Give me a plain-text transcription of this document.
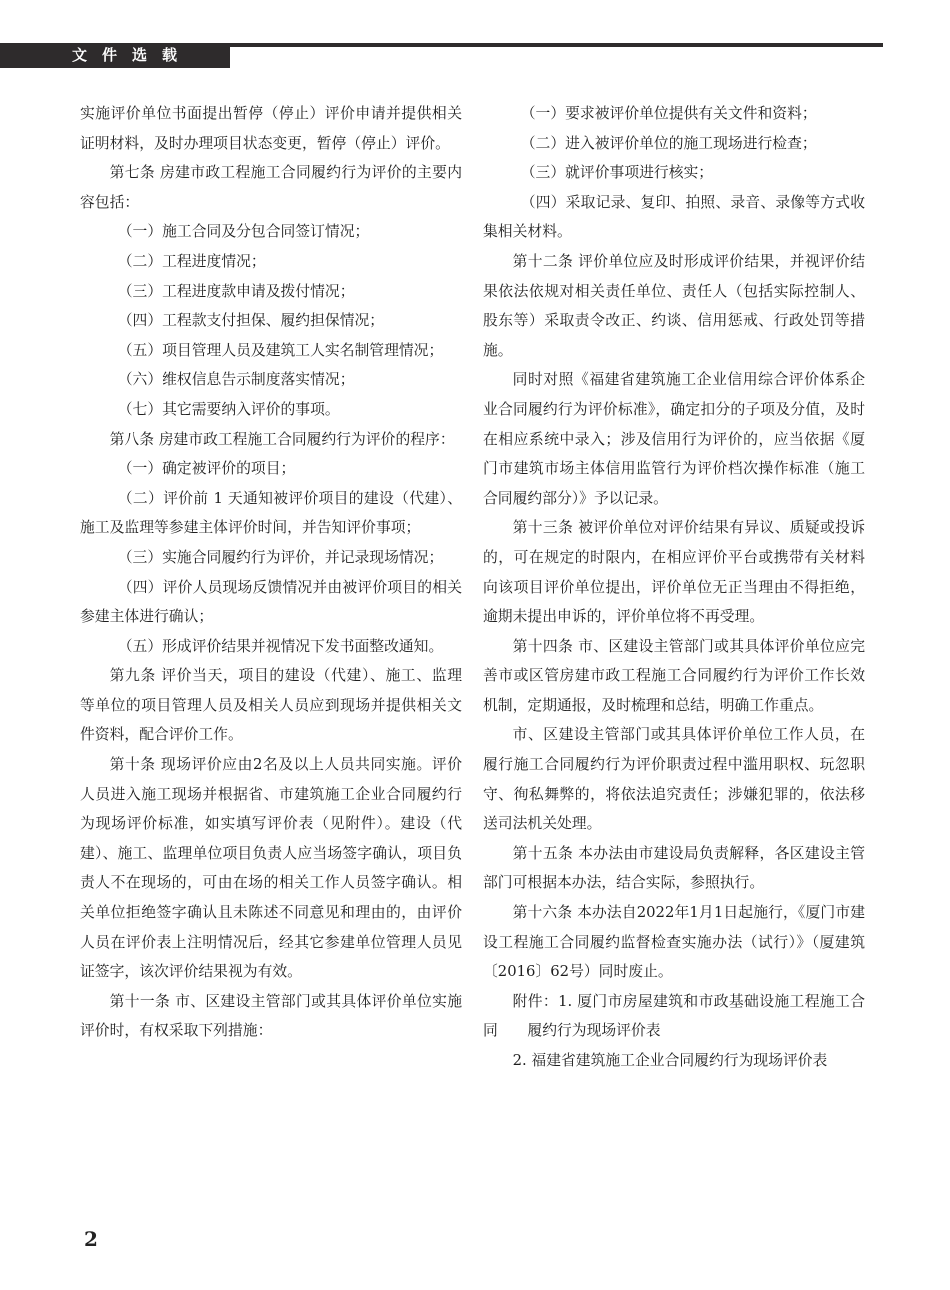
文件选载

实施评价单位书面提出暂停（停止）评价申请并提供相关证明材料，及时办理项目状态变更，暂停（停止）评价。

第七条 房建市政工程施工合同履约行为评价的主要内容包括：

（一）施工合同及分包合同签订情况；

（二）工程进度情况；

（三）工程进度款申请及拨付情况；

（四）工程款支付担保、履约担保情况；

（五）项目管理人员及建筑工人实名制管理情况；

（六）维权信息告示制度落实情况；

（七）其它需要纳入评价的事项。

第八条 房建市政工程施工合同履约行为评价的程序：

（一）确定被评价的项目；

（二）评价前 1 天通知被评价项目的建设（代建）、施工及监理等参建主体评价时间，并告知评价事项；

（三）实施合同履约行为评价，并记录现场情况；

（四）评价人员现场反馈情况并由被评价项目的相关参建主体进行确认；

（五）形成评价结果并视情况下发书面整改通知。

第九条 评价当天，项目的建设（代建）、施工、监理等单位的项目管理人员及相关人员应到现场并提供相关文件资料，配合评价工作。

第十条 现场评价应由2名及以上人员共同实施。评价人员进入施工现场并根据省、市建筑施工企业合同履约行为现场评价标准，如实填写评价表（见附件）。建设（代建）、施工、监理单位项目负责人应当场签字确认，项目负责人不在现场的，可由在场的相关工作人员签字确认。相关单位拒绝签字确认且未陈述不同意见和理由的，由评价人员在评价表上注明情况后，经其它参建单位管理人员见证签字，该次评价结果视为有效。

第十一条 市、区建设主管部门或其具体评价单位实施评价时，有权采取下列措施：

（一）要求被评价单位提供有关文件和资料；

（二）进入被评价单位的施工现场进行检查；

（三）就评价事项进行核实；

（四）采取记录、复印、拍照、录音、录像等方式收集相关材料。

第十二条 评价单位应及时形成评价结果，并视评价结果依法依规对相关责任单位、责任人（包括实际控制人、股东等）采取责令改正、约谈、信用惩戒、行政处罚等措施。

同时对照《福建省建筑施工企业信用综合评价体系企业合同履约行为评价标准》，确定扣分的子项及分值，及时在相应系统中录入；涉及信用行为评价的，应当依据《厦门市建筑市场主体信用监管行为评价档次操作标准（施工合同履约部分）》予以记录。

第十三条 被评价单位对评价结果有异议、质疑或投诉的，可在规定的时限内，在相应评价平台或携带有关材料向该项目评价单位提出，评价单位无正当理由不得拒绝，逾期未提出申诉的，评价单位将不再受理。

第十四条 市、区建设主管部门或其具体评价单位应完善市或区管房建市政工程施工合同履约行为评价工作长效机制，定期通报，及时梳理和总结，明确工作重点。

市、区建设主管部门或其具体评价单位工作人员，在履行施工合同履约行为评价职责过程中滥用职权、玩忽职守、徇私舞弊的，将依法追究责任；涉嫌犯罪的，依法移送司法机关处理。

第十五条 本办法由市建设局负责解释，各区建设主管部门可根据本办法，结合实际，参照执行。

第十六条 本办法自2022年1月1日起施行，《厦门市建设工程施工合同履约监督检查实施办法（试行）》（厦建筑〔2016〕62号）同时废止。

附件：1. 厦门市房屋建筑和市政基础设施工程施工合同　　履约行为现场评价表

2. 福建省建筑施工企业合同履约行为现场评价表

2
